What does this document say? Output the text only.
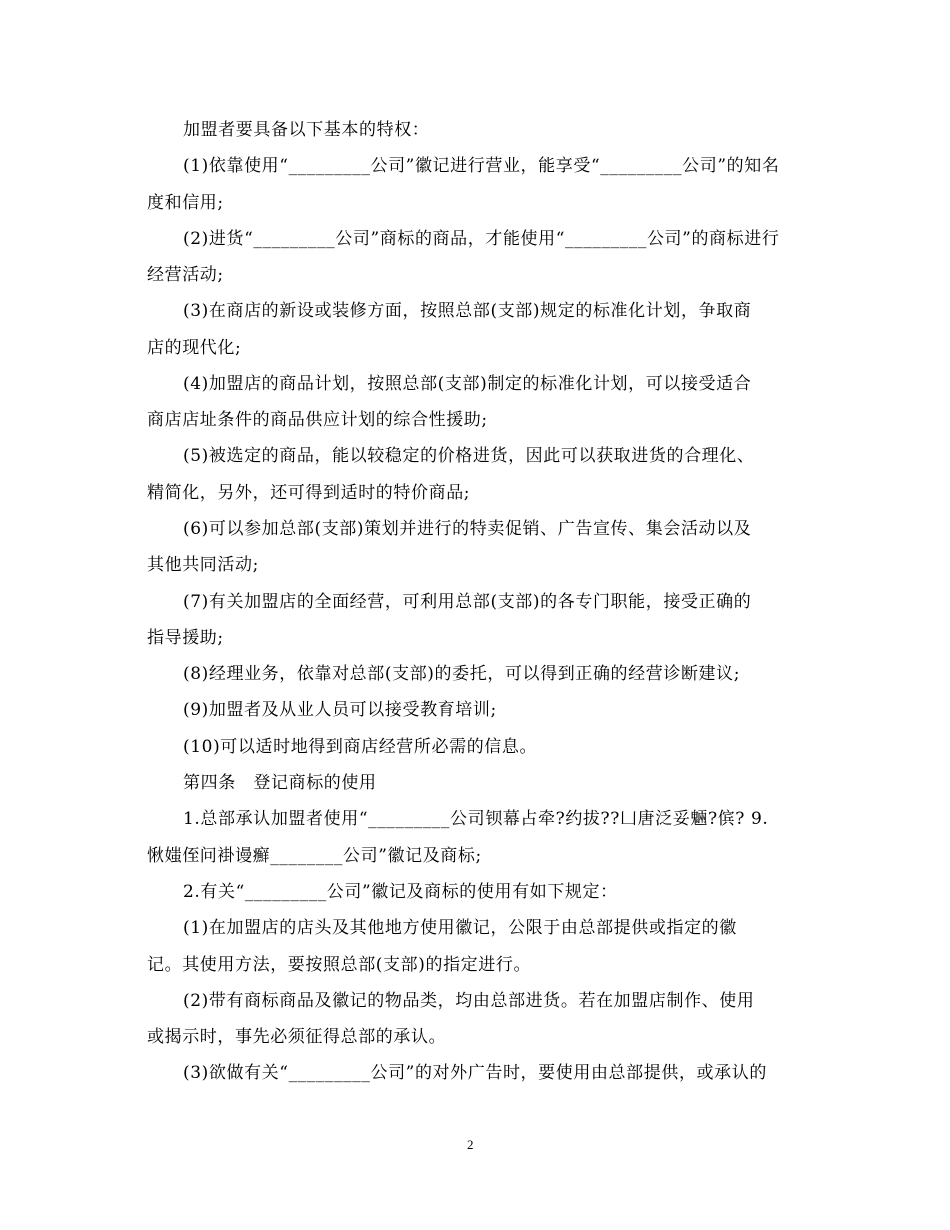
加盟者要具备以下基本的特权：
(1)依靠使用“_________公司”徽记进行营业，能享受“_________公司”的知名
度和信用;
(2)进货“_________公司”商标的商品，才能使用“_________公司”的商标进行
经营活动;
(3)在商店的新设或装修方面，按照总部(支部)规定的标准化计划，争取商
店的现代化;
(4)加盟店的商品计划，按照总部(支部)制定的标准化计划，可以接受适合
商店店址条件的商品供应计划的综合性援助;
(5)被选定的商品，能以较稳定的价格进货，因此可以获取进货的合理化、
精简化，另外，还可得到适时的特价商品;
(6)可以参加总部(支部)策划并进行的特卖促销、广告宣传、集会活动以及
其他共同活动;
(7)有关加盟店的全面经营，可利用总部(支部)的各专门职能，接受正确的
指导援助;
(8)经理业务，依靠对总部(支部)的委托，可以得到正确的经营诊断建议;
(9)加盟者及从业人员可以接受教育培训;
(10)可以适时地得到商店经营所必需的信息。
第四条　登记商标的使用
1.总部承认加盟者使用“_________公司钡幕占牵?约拔??凵唐泛妥魎?傧? 9.
愀媸侄问褂谩癬________公司”徽记及商标;
2.有关“_________公司”徽记及商标的使用有如下规定：
(1)在加盟店的店头及其他地方使用徽记，公限于由总部提供或指定的徽
记。其使用方法，要按照总部(支部)的指定进行。
(2)带有商标商品及徽记的物品类，均由总部进货。若在加盟店制作、使用
或揭示时，事先必须征得总部的承认。
(3)欲做有关“_________公司”的对外广告时，要使用由总部提供，或承认的
2
